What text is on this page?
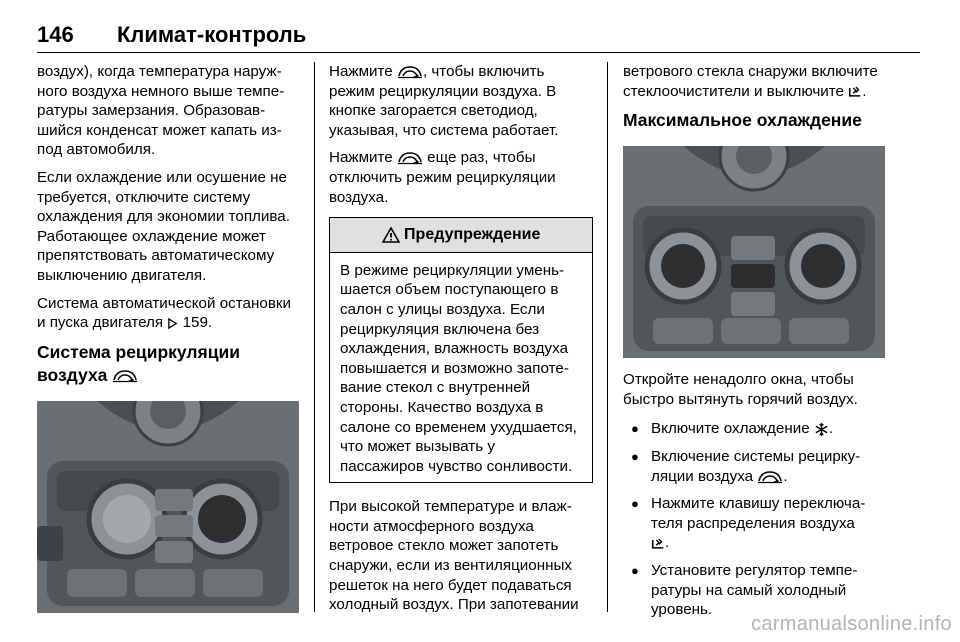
146 Климат-контроль

воздух), когда температура наружного воздуха немного выше температуры замерзания. Образовавшийся конденсат может капать из-под автомобиля.

Если охлаждение или осушение не требуется, отключите систему охлаждения для экономии топлива. Работающее охлаждение может препятствовать автоматическому выключению двигателя.

Система автоматической остановки и пуска двигателя  159.

Система рециркуляции воздуха

Нажмите , чтобы включить режим рециркуляции воздуха. В кнопке загорается светодиод, указывая, что система работает.

Нажмите  еще раз, чтобы отключить режим рециркуляции воздуха.

Предупреждение
В режиме рециркуляции уменьшается объем поступающего в салон с улицы воздуха. Если рециркуляция включена без охлаждения, влажность воздуха повышается и возможно запотевание стекол с внутренней стороны. Качество воздуха в салоне со временем ухудшается, что может вызывать у пассажиров чувство сонливости.

При высокой температуре и влажности атмосферного воздуха ветровое стекло может запотеть снаружи, если из вентиляционных решеток на него будет подаваться холодный воздух. При запотевании

ветрового стекла снаружи включите стеклоочистители и выключите .

Максимальное охлаждение

Откройте ненадолго окна, чтобы быстро вытянуть горячий воздух.

● Включите охлаждение .
● Включение системы рециркуляции воздуха .
● Нажмите клавишу переключателя распределения воздуха
.
● Установите регулятор температуры на самый холодный уровень.
carmanualsonline.info
